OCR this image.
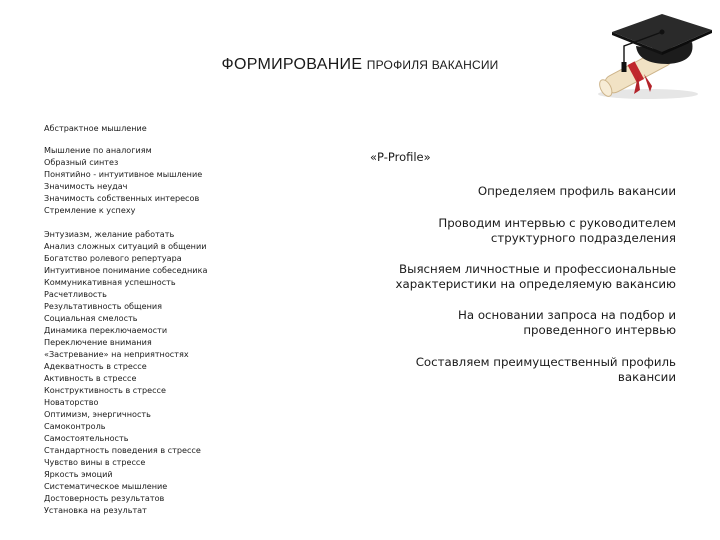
ФОРМИРОВАНИЕ ПРОФИЛЯ ВАКАНСИИ
Абстрактное мышление
Мышление по аналогиям
Образный синтез
Понятийно - интуитивное мышление
Значимость неудач
Значимость собственных интересов
Стремление к успеху
Энтузиазм, желание работать
Анализ сложных ситуаций в общении
Богатство ролевого репертуара
Интуитивное понимание собеседника
Коммуникативная успешность
Расчетливость
Результативность общения
Социальная смелость
Динамика переключаемости
Переключение внимания
«Застревание» на неприятностях
Адекватность в стрессе
Активность в стрессе
Конструктивность в стрессе
Новаторство
Оптимизм, энергичность
Самоконтроль
Самостоятельность
Стандартность поведения в стрессе
Чувство вины в стрессе
Яркость эмоций
Систематическое мышление
Достоверность результатов
Установка на результат
«P-Profile»
Определяем профиль вакансии
Проводим интервью с руководителем структурного подразделения
Выясняем личностные и профессиональные характеристики на определяемую вакансию
На основании запроса на подбор и проведенного интервью
Составляем преимущественный профиль вакансии
